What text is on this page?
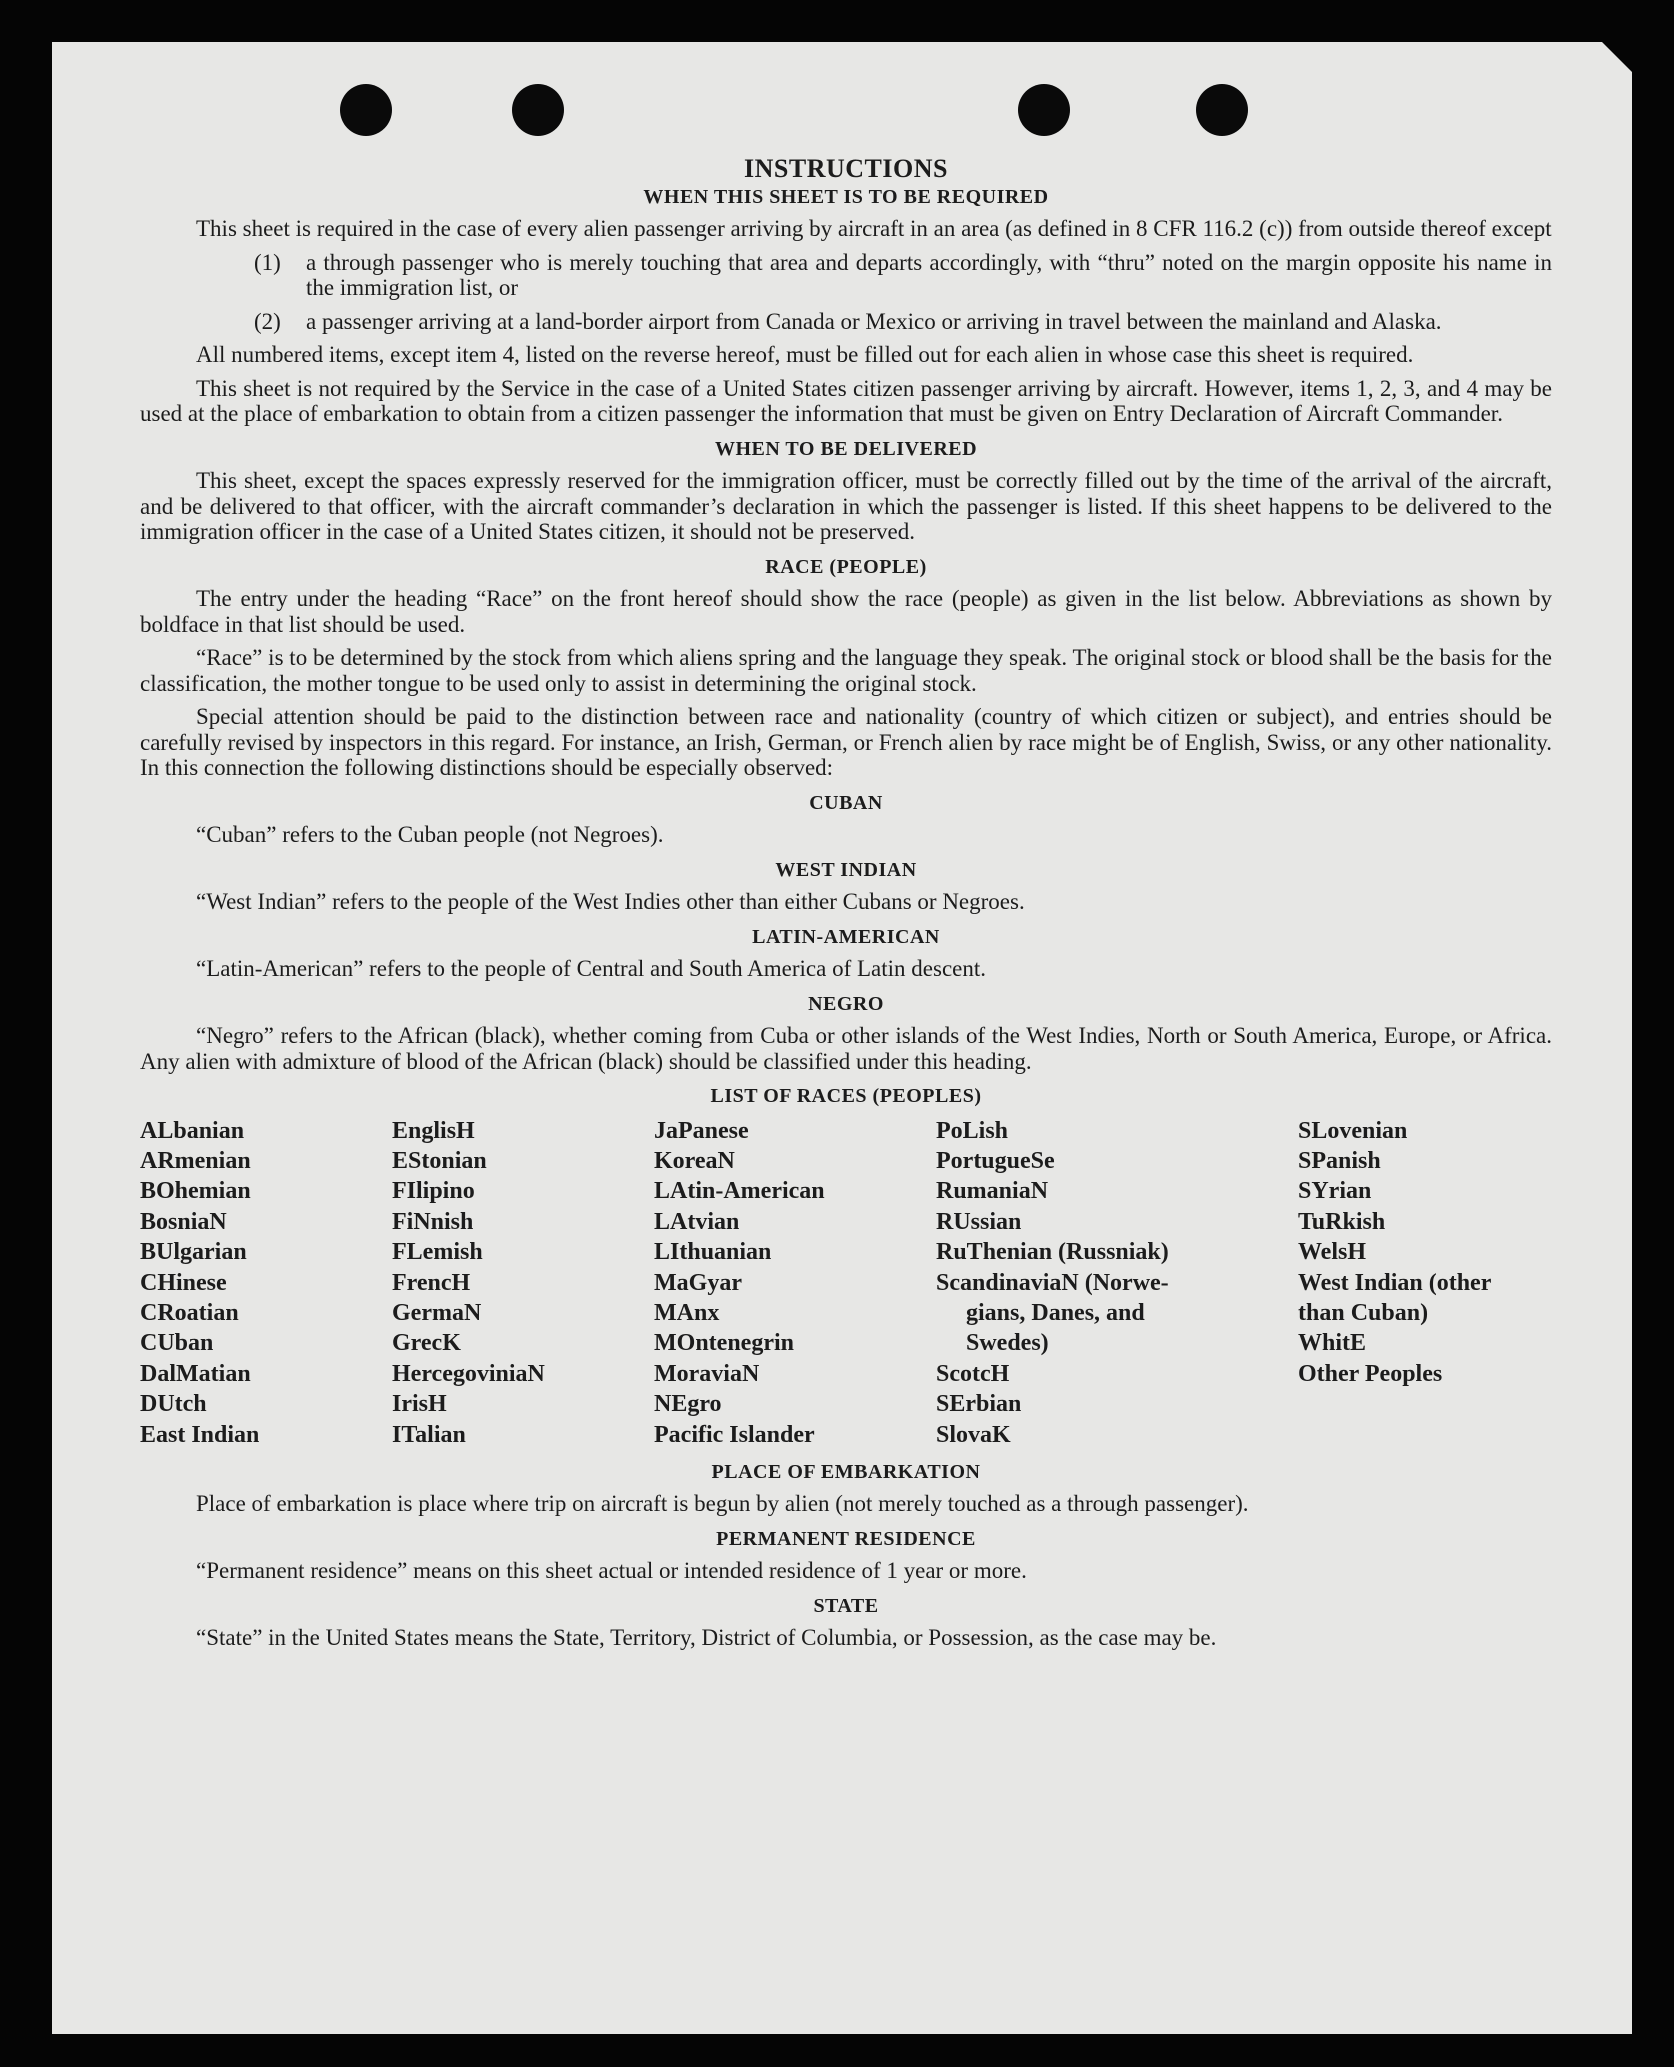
INSTRUCTIONS
WHEN THIS SHEET IS TO BE REQUIRED

This sheet is required in the case of every alien passenger arriving by aircraft in an area (as defined in 8 CFR 116.2 (c)) from outside thereof except

(1)	a through passenger who is merely touching that area and departs accordingly, with “thru” noted on the margin opposite his name in the immigration list, or
(2)	a passenger arriving at a land-border airport from Canada or Mexico or arriving in travel between the mainland and Alaska.

All numbered items, except item 4, listed on the reverse hereof, must be filled out for each alien in whose case this sheet is required.

This sheet is not required by the Service in the case of a United States citizen passenger arriving by aircraft. However, items 1, 2, 3, and 4 may be used at the place of embarkation to obtain from a citizen passenger the information that must be given on Entry Declaration of Aircraft Commander.

WHEN TO BE DELIVERED

This sheet, except the spaces expressly reserved for the immigration officer, must be correctly filled out by the time of the arrival of the aircraft, and be delivered to that officer, with the aircraft commander’s declaration in which the passenger is listed. If this sheet happens to be delivered to the immigration officer in the case of a United States citizen, it should not be preserved.

RACE (PEOPLE)

The entry under the heading “Race” on the front hereof should show the race (people) as given in the list below. Abbreviations as shown by boldface in that list should be used.

“Race” is to be determined by the stock from which aliens spring and the language they speak. The original stock or blood shall be the basis for the classification, the mother tongue to be used only to assist in determining the original stock.

Special attention should be paid to the distinction between race and nationality (country of which citizen or subject), and entries should be carefully revised by inspectors in this regard. For instance, an Irish, German, or French alien by race might be of English, Swiss, or any other nationality. In this connection the following distinctions should be especially observed:

CUBAN

“Cuban” refers to the Cuban people (not Negroes).

WEST INDIAN

“West Indian” refers to the people of the West Indies other than either Cubans or Negroes.

LATIN-AMERICAN

“Latin-American” refers to the people of Central and South America of Latin descent.

NEGRO

“Negro” refers to the African (black), whether coming from Cuba or other islands of the West Indies, North or South America, Europe, or Africa. Any alien with admixture of blood of the African (black) should be classified under this heading.

LIST OF RACES (PEOPLES)
ALbanian
ARmenian
BOhemian
BosniaN
BUlgarian
CHinese
CRoatian
CUban
DalMatian
DUtch
East Indian
EnglisH
EStonian
FIlipino
FiNnish
FLemish
FrencH
GermaN
GrecK
HercegoviniaN
IrisH
ITalian
JaPanese
KoreaN
LAtin-American
LAtvian
LIthuanian
MaGyar
MAnx
MOntenegrin
MoraviaN
NEgro
Pacific Islander
PoLish
PortugueSe
RumaniaN
RUssian
RuThenian (Russniak)
ScandinaviaN (Norwe-
gians, Danes, and
Swedes)
ScotcH
SErbian
SlovaK
SLovenian
SPanish
SYrian
TuRkish
WelsH
West Indian (other
than Cuban)
WhitE
Other Peoples
PLACE OF EMBARKATION

Place of embarkation is place where trip on aircraft is begun by alien (not merely touched as a through passenger).

PERMANENT RESIDENCE

“Permanent residence” means on this sheet actual or intended residence of 1 year or more.

STATE

“State” in the United States means the State, Territory, District of Columbia, or Possession, as the case may be.
